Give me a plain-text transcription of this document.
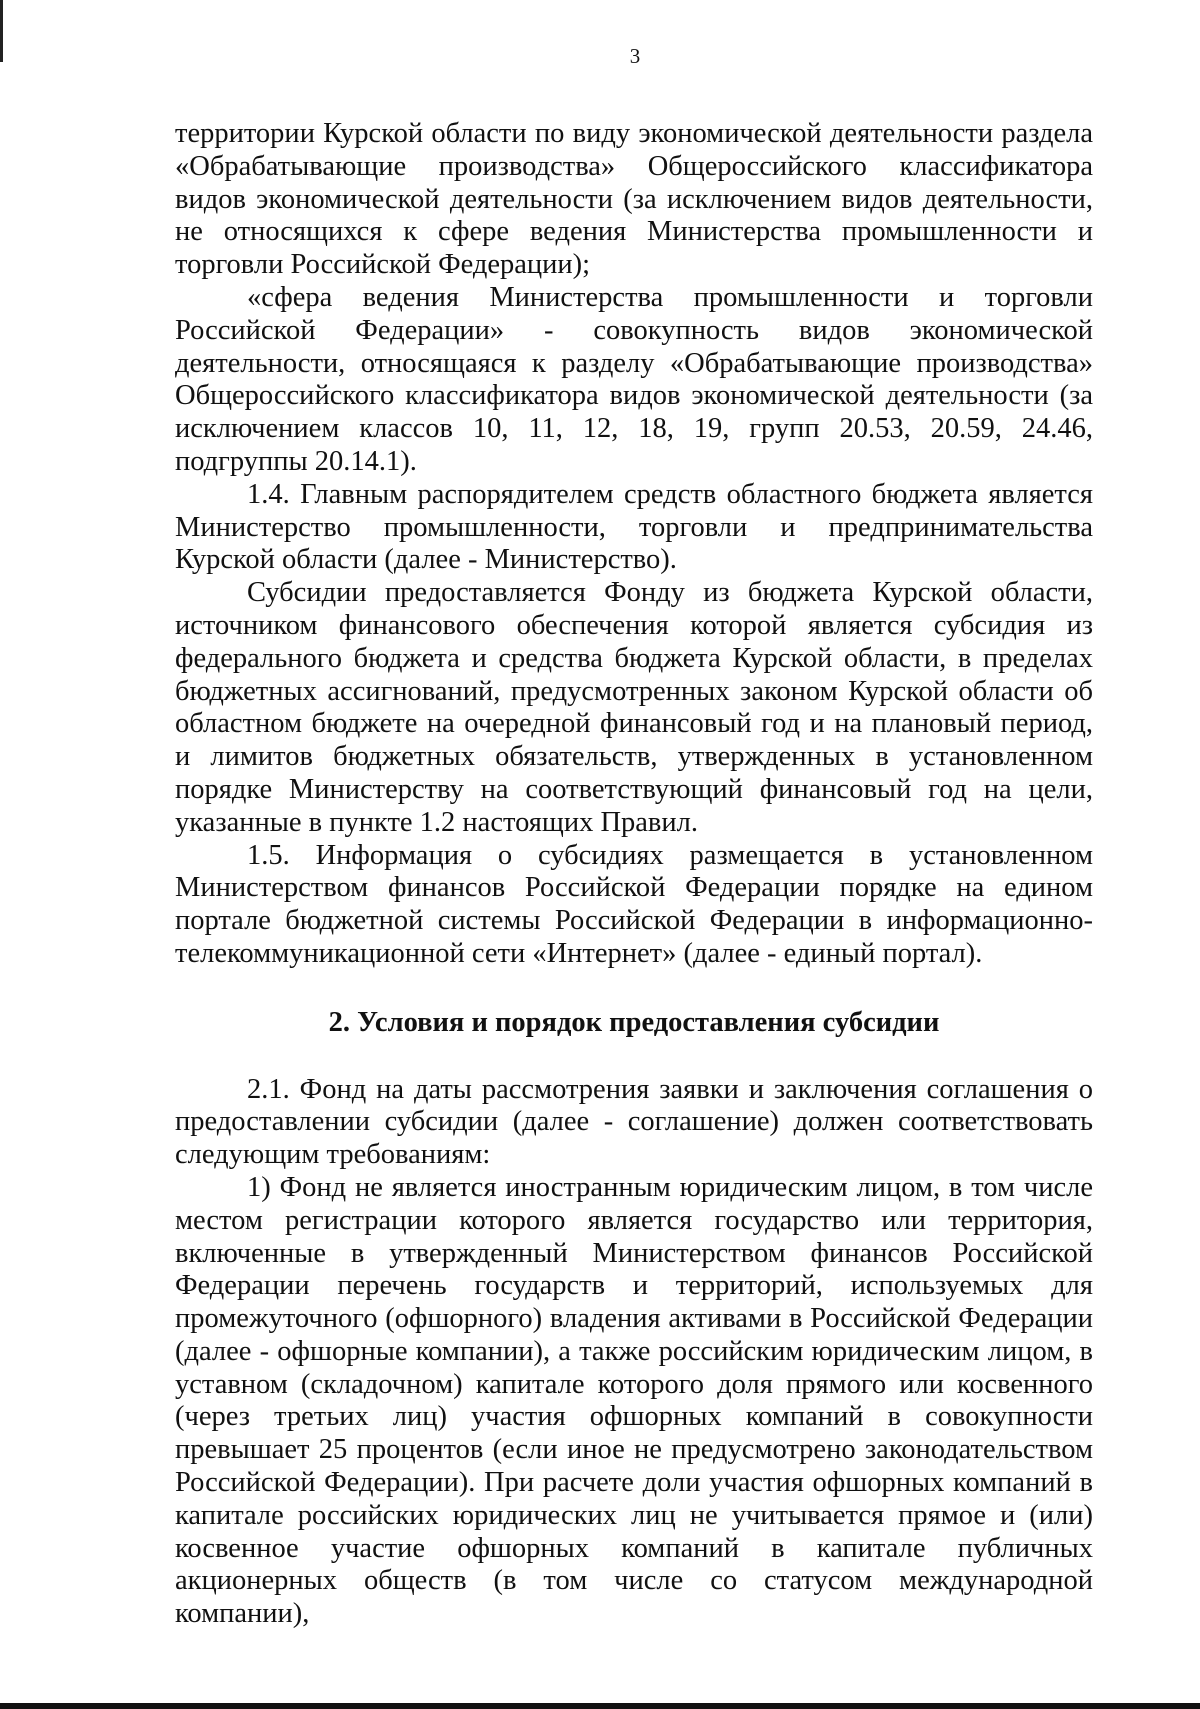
3

территории Курской области по виду экономической деятельности раздела «Обрабатывающие производства» Общероссийского классификатора видов экономической деятельности (за исключением видов деятельности, не относящихся к сфере ведения Министерства промышленности и торговли Российской Федерации);

«сфера ведения Министерства промышленности и торговли Российской Федерации» - совокупность видов экономической деятельности, относящаяся к разделу «Обрабатывающие производства» Общероссийского классификатора видов экономической деятельности (за исключением классов 10, 11, 12, 18, 19, групп 20.53, 20.59, 24.46, подгруппы 20.14.1).

1.4. Главным распорядителем средств областного бюджета является Министерство промышленности, торговли и предпринимательства Курской области (далее - Министерство).

Субсидии предоставляется Фонду из бюджета Курской области, источником финансового обеспечения которой является субсидия из федерального бюджета и средства бюджета Курской области, в пределах бюджетных ассигнований, предусмотренных законом Курской области об областном бюджете на очередной финансовый год и на плановый период, и лимитов бюджетных обязательств, утвержденных в установленном порядке Министерству на соответствующий финансовый год на цели, указанные в пункте 1.2 настоящих Правил.

1.5. Информация о субсидиях размещается в установленном Министерством финансов Российской Федерации порядке на едином портале бюджетной системы Российской Федерации в информационно-телекоммуникационной сети «Интернет» (далее - единый портал).

2. Условия и порядок предоставления субсидии

2.1. Фонд на даты рассмотрения заявки и заключения соглашения о предоставлении субсидии (далее - соглашение) должен соответствовать следующим требованиям:

1) Фонд не является иностранным юридическим лицом, в том числе местом регистрации которого является государство или территория, включенные в утвержденный Министерством финансов Российской Федерации перечень государств и территорий, используемых для промежуточного (офшорного) владения активами в Российской Федерации (далее - офшорные компании), а также российским юридическим лицом, в уставном (складочном) капитале которого доля прямого или косвенного (через третьих лиц) участия офшорных компаний в совокупности превышает 25 процентов (если иное не предусмотрено законодательством Российской Федерации). При расчете доли участия офшорных компаний в капитале российских юридических лиц не учитывается прямое и (или) косвенное участие офшорных компаний в капитале публичных акционерных обществ (в том числе со статусом международной компании),
